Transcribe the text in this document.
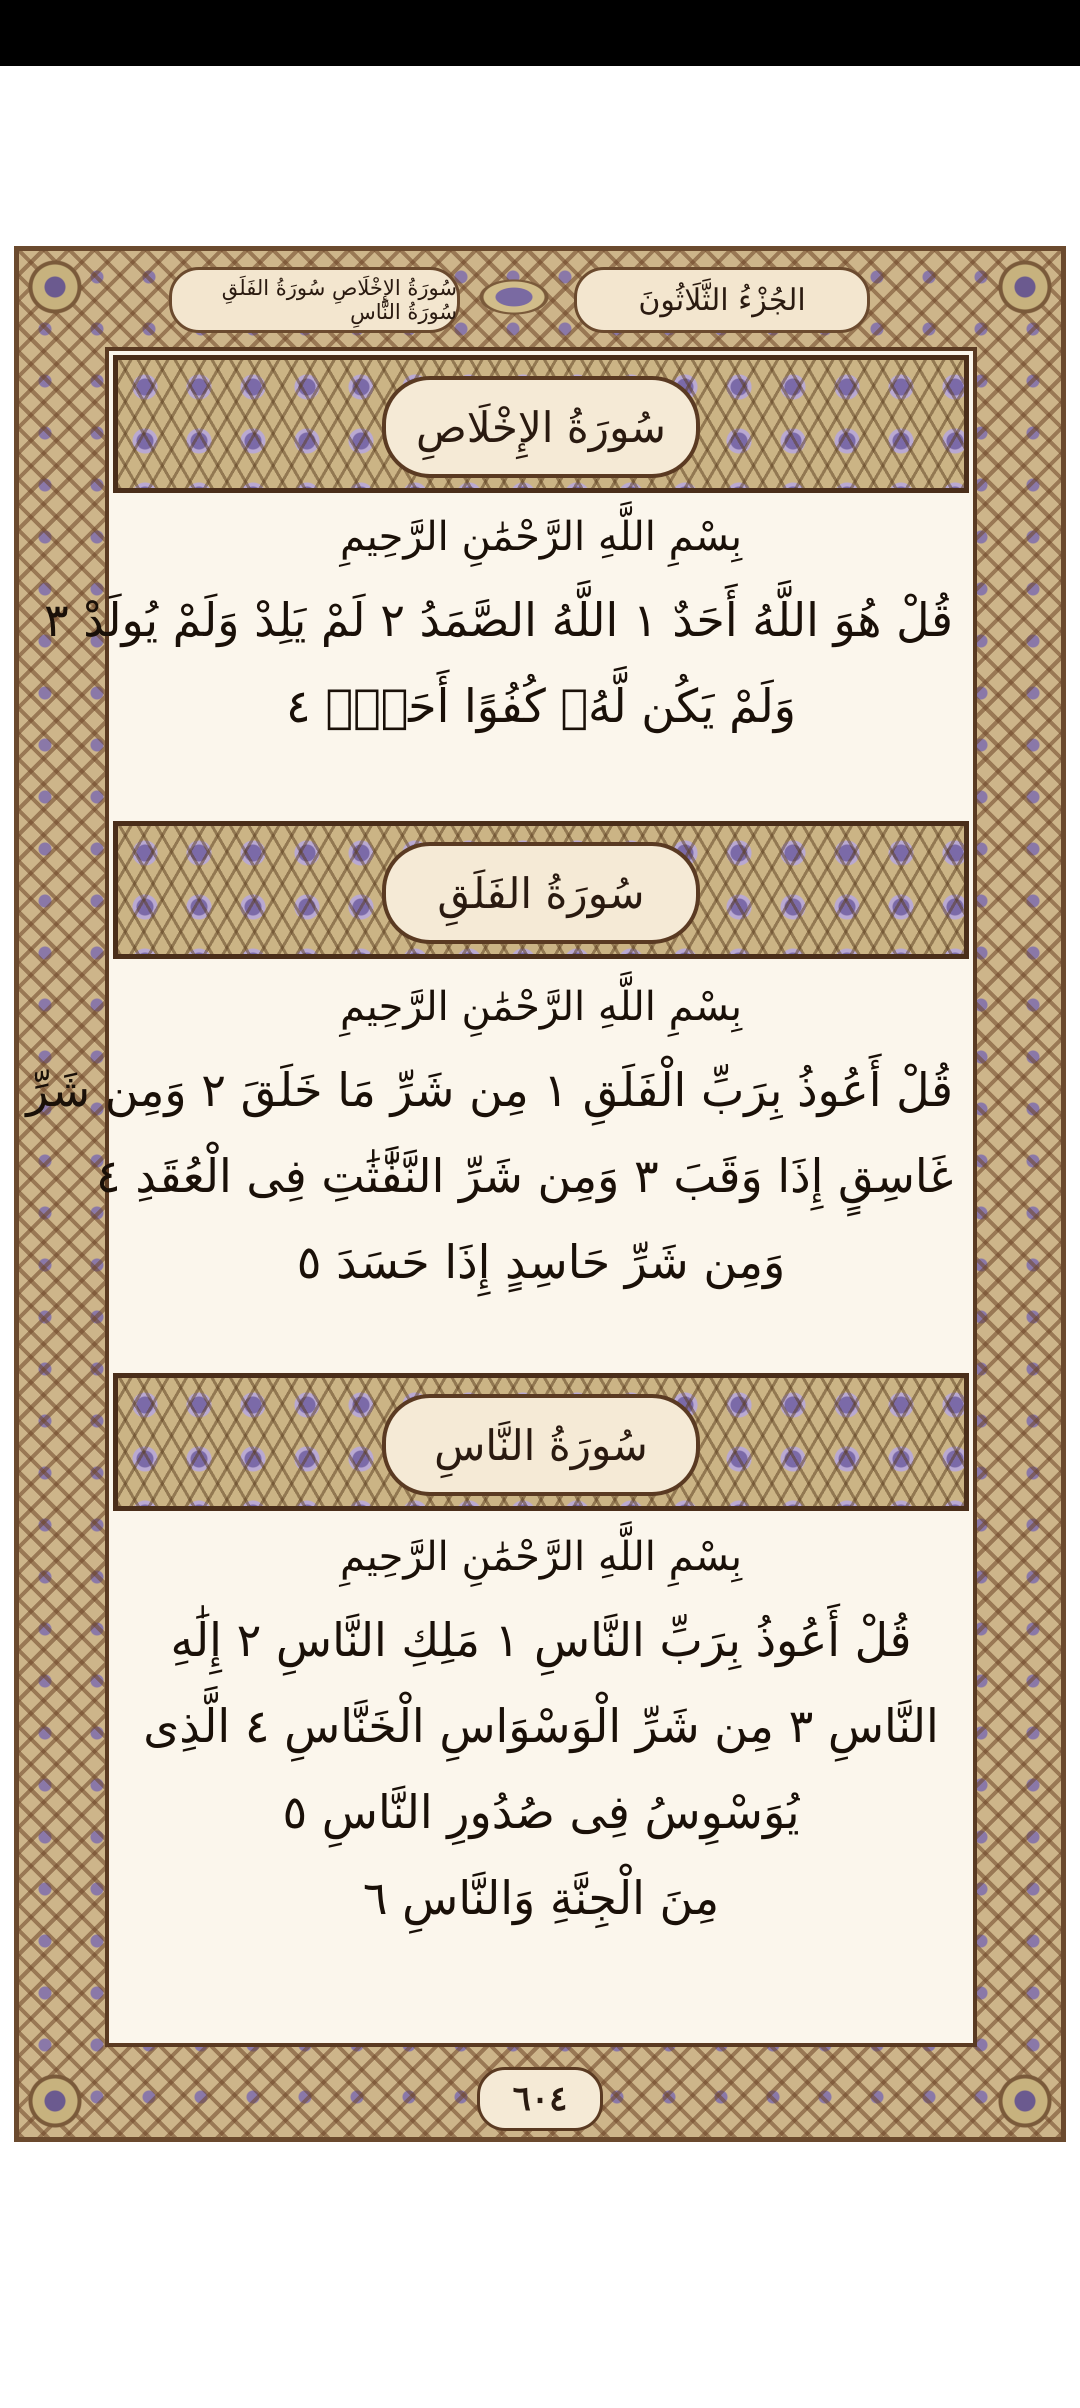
الجُزْءُ الثَّلَاثُونَ
سُورَةُ الإِخْلَاصِ سُورَةُ الفَلَقِ سُورَةُ النَّاسِ
سُورَةُ الإِخْلَاصِ
بِسْمِ اللَّهِ الرَّحْمَٰنِ الرَّحِيمِ
قُلْ هُوَ اللَّهُ أَحَدٌ ١ اللَّهُ الصَّمَدُ ٢ لَمْ يَلِدْ وَلَمْ يُولَدْ ٣
وَلَمْ يَكُن لَّهُۥ كُفُوًا أَحَدٌۢ ٤
سُورَةُ الفَلَقِ
بِسْمِ اللَّهِ الرَّحْمَٰنِ الرَّحِيمِ
قُلْ أَعُوذُ بِرَبِّ الْفَلَقِ ١ مِن شَرِّ مَا خَلَقَ ٢ وَمِن شَرِّ
غَاسِقٍ إِذَا وَقَبَ ٣ وَمِن شَرِّ النَّفَّٰثَٰتِ فِى الْعُقَدِ ٤
وَمِن شَرِّ حَاسِدٍ إِذَا حَسَدَ ٥
سُورَةُ النَّاسِ
بِسْمِ اللَّهِ الرَّحْمَٰنِ الرَّحِيمِ
قُلْ أَعُوذُ بِرَبِّ النَّاسِ ١ مَلِكِ النَّاسِ ٢ إِلَٰهِ
النَّاسِ ٣ مِن شَرِّ الْوَسْوَاسِ الْخَنَّاسِ ٤ الَّذِى
يُوَسْوِسُ فِى صُدُورِ النَّاسِ ٥
مِنَ الْجِنَّةِ وَالنَّاسِ ٦
٦٠٤
